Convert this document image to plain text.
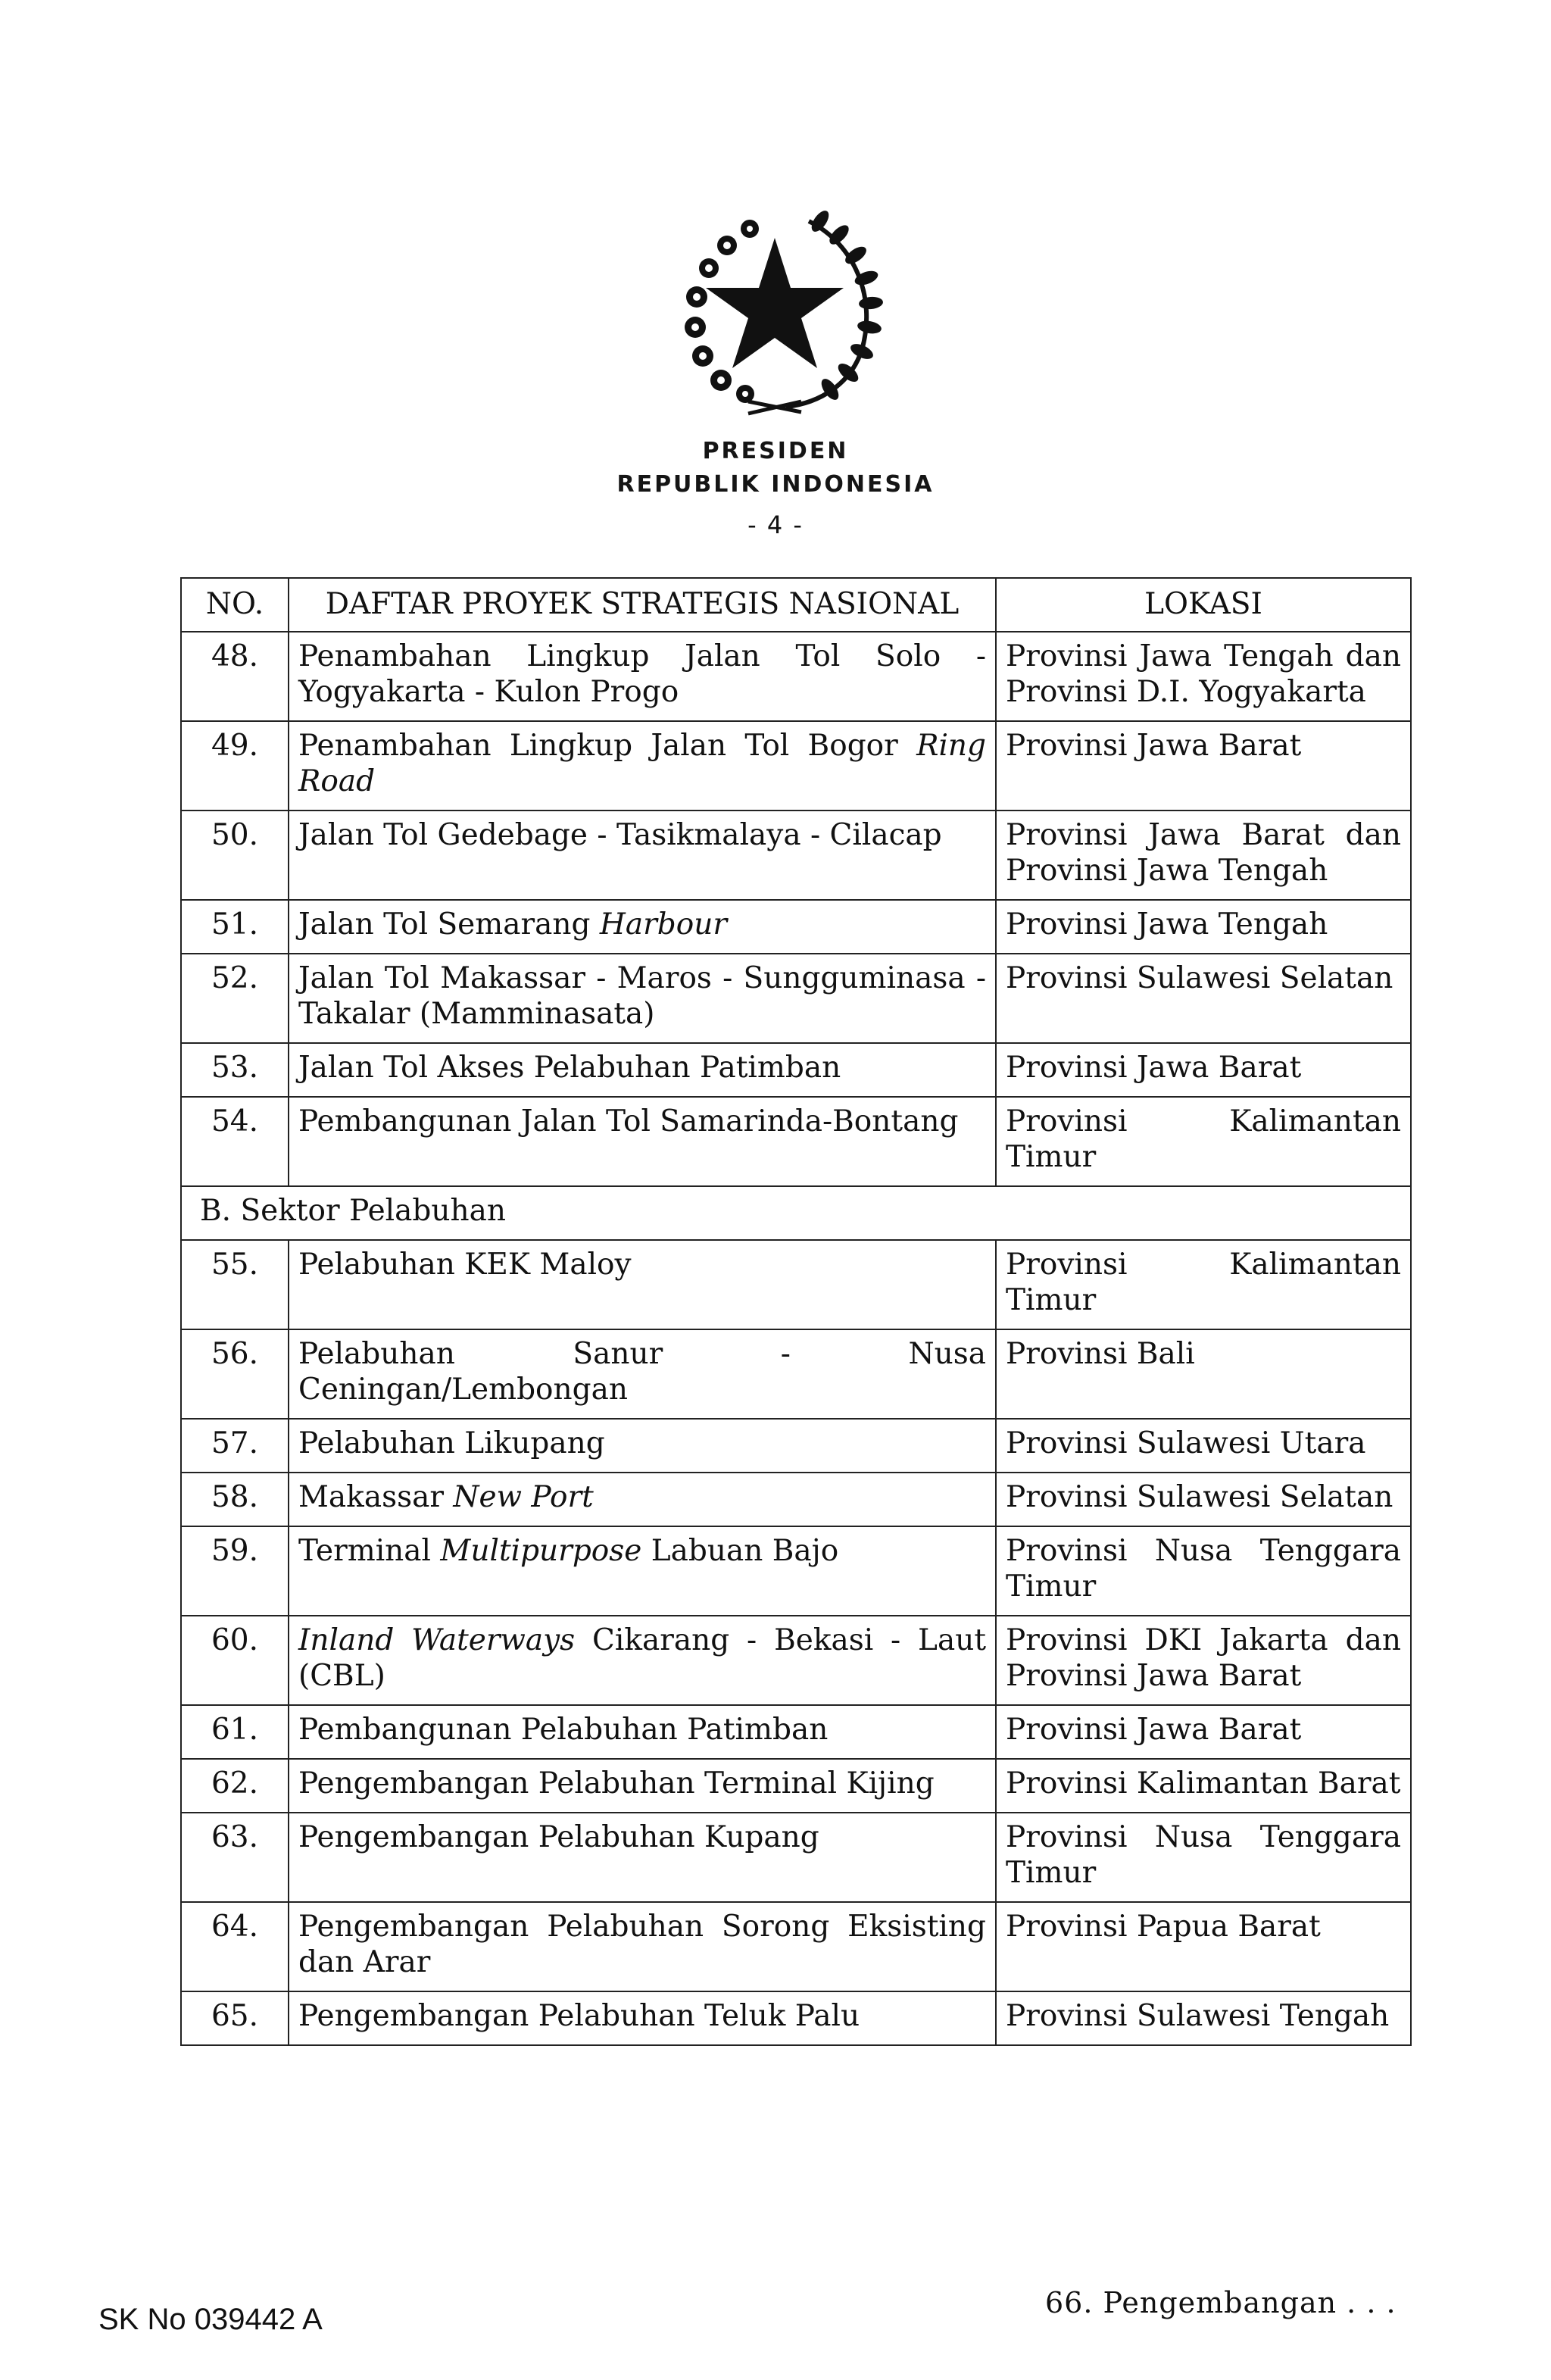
PRESIDEN
REPUBLIK INDONESIA
- 4 -
NO.	DAFTAR PROYEK STRATEGIS NASIONAL	LOKASI
48.	Penambahan Lingkup Jalan Tol Solo - Yogyakarta - Kulon Progo	Provinsi Jawa Tengah dan Provinsi D.I. Yogyakarta
49.	Penambahan Lingkup Jalan Tol Bogor Ring Road	Provinsi Jawa Barat
50.	Jalan Tol Gedebage - Tasikmalaya - Cilacap	Provinsi Jawa Barat dan Provinsi Jawa Tengah
51.	Jalan Tol Semarang Harbour	Provinsi Jawa Tengah
52.	Jalan Tol Makassar - Maros - Sungguminasa - Takalar (Mamminasata)	Provinsi Sulawesi Selatan
53.	Jalan Tol Akses Pelabuhan Patimban	Provinsi Jawa Barat
54.	Pembangunan Jalan Tol Samarinda-Bontang	Provinsi Kalimantan Timur
B. Sektor Pelabuhan		
55.	Pelabuhan KEK Maloy	Provinsi Kalimantan Timur
56.	Pelabuhan Sanur - Nusa Ceningan/Lembongan	Provinsi Bali
57.	Pelabuhan Likupang	Provinsi Sulawesi Utara
58.	Makassar New Port	Provinsi Sulawesi Selatan
59.	Terminal Multipurpose Labuan Bajo	Provinsi Nusa Tenggara Timur
60.	Inland Waterways Cikarang - Bekasi - Laut (CBL)	Provinsi DKI Jakarta dan Provinsi Jawa Barat
61.	Pembangunan Pelabuhan Patimban	Provinsi Jawa Barat
62.	Pengembangan Pelabuhan Terminal Kijing	Provinsi Kalimantan Barat
63.	Pengembangan Pelabuhan Kupang	Provinsi Nusa Tenggara Timur
64.	Pengembangan Pelabuhan Sorong Eksisting dan Arar	Provinsi Papua Barat
65.	Pengembangan Pelabuhan Teluk Palu	Provinsi Sulawesi Tengah
66. Pengembangan . . .
SK No 039442 A
